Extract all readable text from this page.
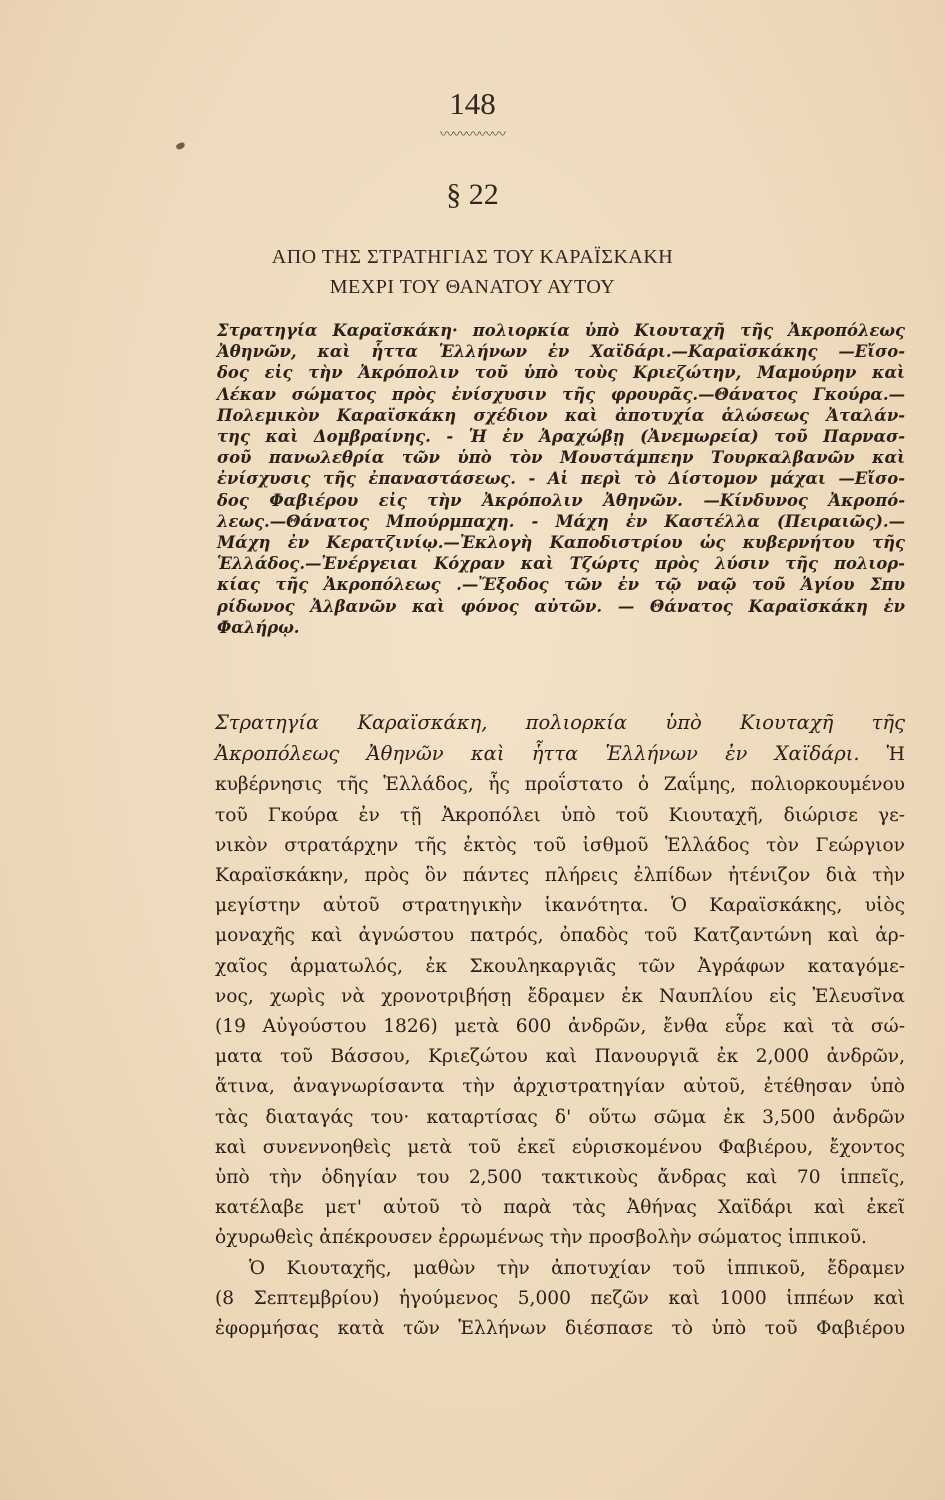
148
〰〰〰〰〰
§ 22
ΑΠΟ ΤΗΣ ΣΤΡΑΤΗΓΙΑΣ ΤΟΥ ΚΑΡΑΪΣΚΑΚΗ
ΜΕΧΡΙ ΤΟΥ ΘΑΝΑΤΟΥ ΑΥΤΟΥ
Στρατηγία Καραϊσκάκη· πολιορκία ὑπὸ Κιουταχῆ τῆς Ἀκροπόλεως
Ἀθηνῶν, καὶ ἧττα Ἑλλήνων ἐν Χαϊδάρι.—Καραϊσκάκης —Εἴσο-
δος εἰς τὴν Ἀκρόπολιν τοῦ ὑπὸ τοὺς Κριεζώτην, Μαμούρην καὶ
Λέκαν σώματος πρὸς ἐνίσχυσιν τῆς φρουρᾶς.—Θάνατος Γκούρα.—
Πολεμικὸν Καραϊσκάκη σχέδιον καὶ ἀποτυχία ἁλώσεως Ἀταλάν-
της καὶ Δομβραίνης. - Ἡ ἐν Ἀραχώβῃ (Ἀνεμωρεία) τοῦ Παρνασ-
σοῦ πανωλεθρία τῶν ὑπὸ τὸν Μουστάμπεην Τουρκαλβανῶν καὶ
ἐνίσχυσις τῆς ἐπαναστάσεως. - Αἱ περὶ τὸ Δίστομον μάχαι —Εἴσο-
δος Φαβιέρου εἰς τὴν Ἀκρόπολιν Ἀθηνῶν. —Κίνδυνος Ἀκροπό-
λεως.—Θάνατος Μπούρμπαχη. - Μάχη ἐν Καστέλλα (Πειραιῶς).—
Μάχη ἐν Κερατζινίῳ.—Ἐκλογὴ Καποδιστρίου ὡς κυβερνήτου τῆς
Ἑλλάδος.—Ἐνέργειαι Κόχραν καὶ Τζώρτς πρὸς λύσιν τῆς πολιορ-
κίας τῆς Ἀκροπόλεως .—Ἔξοδος τῶν ἐν τῷ ναῷ τοῦ Ἁγίου Σπυ
ρίδωνος Ἀλβανῶν καὶ φόνος αὐτῶν. — Θάνατος Καραϊσκάκη ἐν
Φαλήρῳ.
Στρατηγία Καραϊσκάκη, πολιορκία ὑπὸ Κιουταχῆ τῆς
Ἀκροπόλεως Ἀθηνῶν καὶ ἧττα Ἑλλήνων ἐν Χαϊδάρι. Ἡ
κυβέρνησις τῆς Ἑλλάδος, ἧς προΐστατο ὁ Ζαΐμης, πολιορκουμένου
τοῦ Γκούρα ἐν τῇ Ἀκροπόλει ὑπὸ τοῦ Κιουταχῆ, διώρισε γε-
νικὸν στρατάρχην τῆς ἐκτὸς τοῦ ἰσθμοῦ Ἑλλάδος τὸν Γεώργιον
Καραϊσκάκην, πρὸς ὃν πάντες πλήρεις ἐλπίδων ἠτένιζον διὰ τὴν
μεγίστην αὐτοῦ στρατηγικὴν ἱκανότητα. Ὁ Καραϊσκάκης, υἱὸς
μοναχῆς καὶ ἀγνώστου πατρός, ὀπαδὸς τοῦ Κατζαντώνη καὶ ἀρ-
χαῖος ἁρματωλός, ἐκ Σκουληκαργιᾶς τῶν Ἀγράφων καταγόμε-
νος, χωρὶς νὰ χρονοτριβήσῃ ἔδραμεν ἐκ Ναυπλίου εἰς Ἐλευσῖνα
(19 Αὐγούστου 1826) μετὰ 600 ἀνδρῶν, ἔνθα εὗρε καὶ τὰ σώ-
ματα τοῦ Βάσσου, Κριεζώτου καὶ Πανουργιᾶ ἐκ 2,000 ἀνδρῶν,
ἅτινα, ἀναγνωρίσαντα τὴν ἀρχιστρατηγίαν αὐτοῦ, ἐτέθησαν ὑπὸ
τὰς διαταγάς του· καταρτίσας δ' οὕτω σῶμα ἐκ 3,500 ἀνδρῶν
καὶ συνεννοηθεὶς μετὰ τοῦ ἐκεῖ εὑρισκομένου Φαβιέρου, ἔχοντος
ὑπὸ τὴν ὁδηγίαν του 2,500 τακτικοὺς ἄνδρας καὶ 70 ἱππεῖς,
κατέλαβε μετ' αὐτοῦ τὸ παρὰ τὰς Ἀθήνας Χαϊδάρι καὶ ἐκεῖ
ὀχυρωθεὶς ἀπέκρουσεν ἐρρωμένως τὴν προσβολὴν σώματος ἱππικοῦ.
Ὁ Κιουταχῆς, μαθὼν τὴν ἀποτυχίαν τοῦ ἱππικοῦ, ἔδραμεν
(8 Σεπτεμβρίου) ἡγούμενος 5,000 πεζῶν καὶ 1000 ἱππέων καὶ
ἐφορμήσας κατὰ τῶν Ἑλλήνων διέσπασε τὸ ὑπὸ τοῦ Φαβιέρου
